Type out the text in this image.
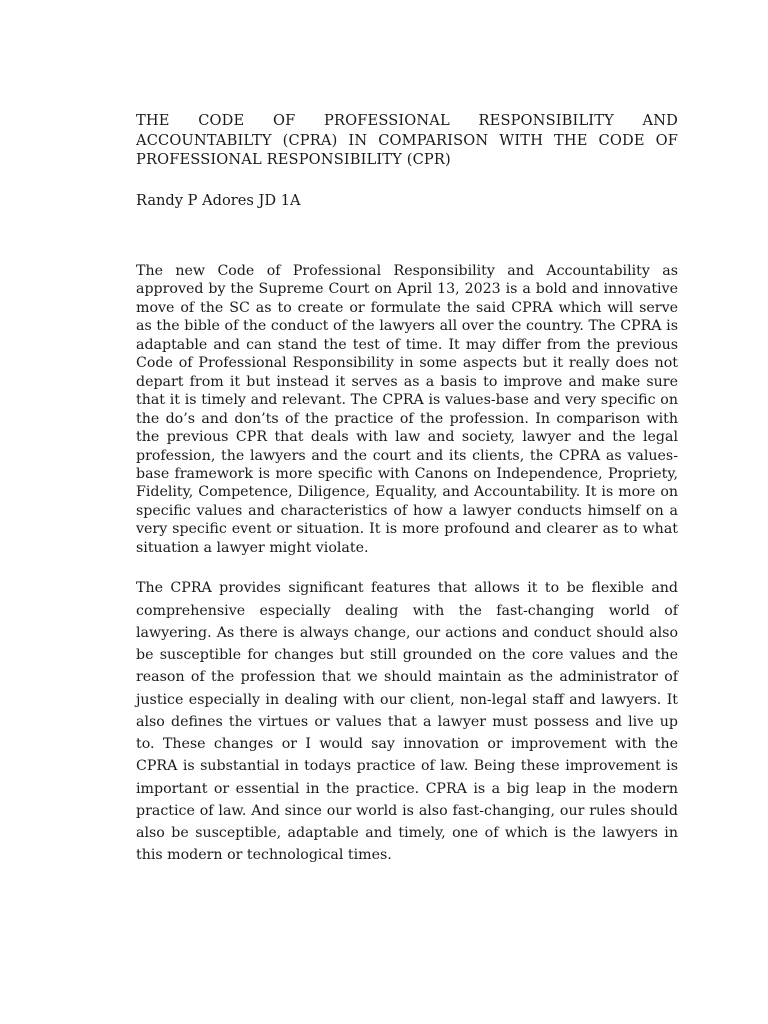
THE CODE OF PROFESSIONAL RESPONSIBILITY AND ACCOUNTABILTY (CPRA) IN COMPARISON WITH THE CODE OF PROFESSIONAL RESPONSIBILITY (CPR)

Randy P Adores JD 1A

The new Code of Professional Responsibility and Accountability as approved by the Supreme Court on April 13, 2023 is a bold and innovative move of the SC as to create or formulate the said CPRA which will serve as the bible of the conduct of the lawyers all over the country. The CPRA is adaptable and can stand the test of time. It may differ from the previous Code of Professional Responsibility in some aspects but it really does not depart from it but instead it serves as a basis to improve and make sure that it is timely and relevant. The CPRA is values-base and very specific on the do’s and don’ts of the practice of the profession. In comparison with the previous CPR that deals with law and society, lawyer and the legal profession, the lawyers and the court and its clients, the CPRA as values-base framework is more specific with Canons on Independence, Propriety, Fidelity, Competence, Diligence, Equality, and Accountability. It is more on specific values and characteristics of how a lawyer conducts himself on a very specific event or situation. It is more profound and clearer as to what situation a lawyer might violate.

The CPRA provides significant features that allows it to be flexible and comprehensive especially dealing with the fast-changing world of lawyering. As there is always change, our actions and conduct should also be susceptible for changes but still grounded on the core values and the reason of the profession that we should maintain as the administrator of justice especially in dealing with our client, non-legal staff and lawyers. It also defines the virtues or values that a lawyer must possess and live up to. These changes or I would say innovation or improvement with the CPRA is substantial in todays practice of law. Being these improvement is important or essential in the practice. CPRA is a big leap in the modern practice of law. And since our world is also fast-changing, our rules should also be susceptible, adaptable and timely, one of which is the lawyers in this modern or technological times.
